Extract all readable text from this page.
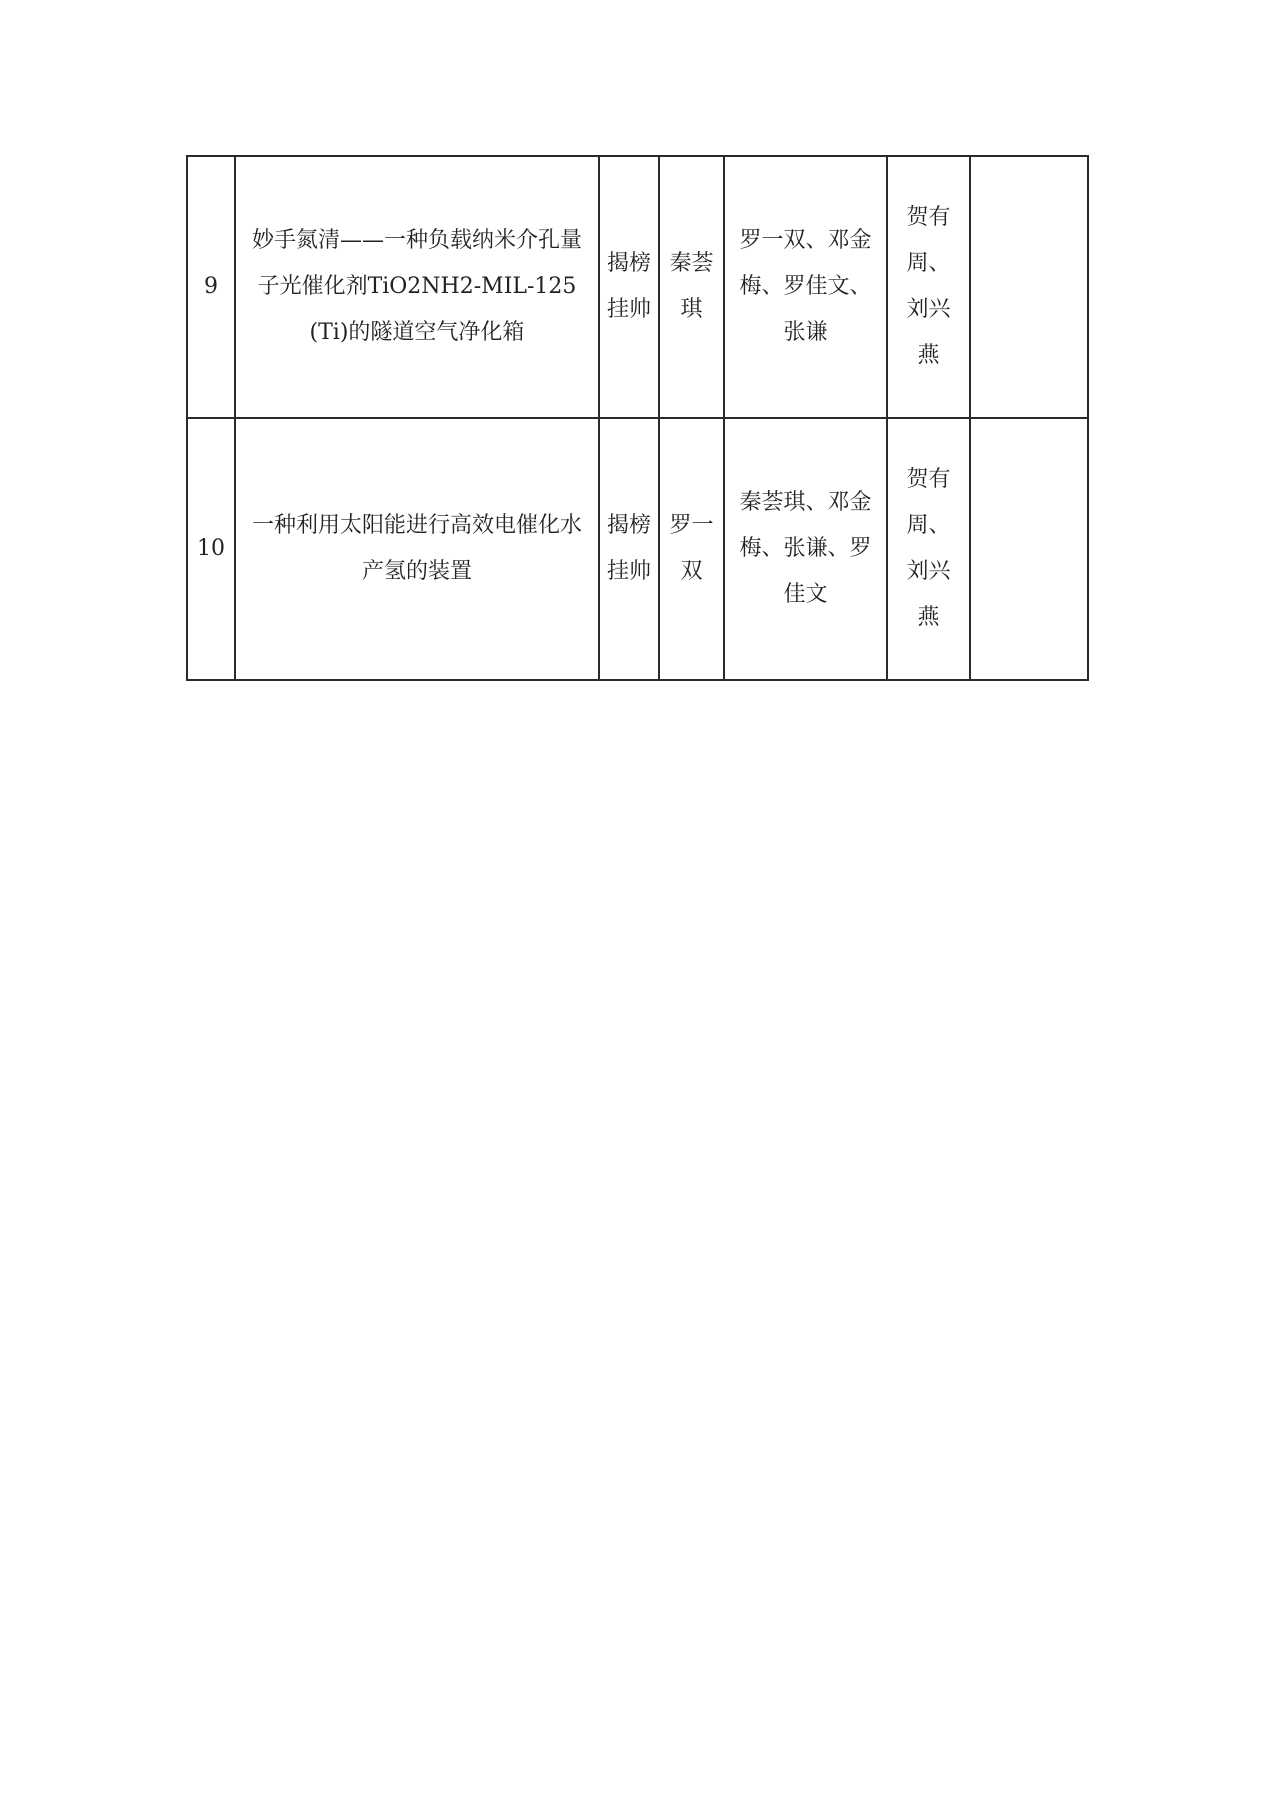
9	妙手氮清——一种负载纳米介孔量子光催化剂TiO2NH2-MIL-125(Ti)的隧道空气净化箱	揭榜挂帅	秦荟琪	罗一双、邓金梅、罗佳文、张谦	贺有周、刘兴燕	
10	一种利用太阳能进行高效电催化水产氢的装置	揭榜挂帅	罗一双	秦荟琪、邓金梅、张谦、罗佳文	贺有周、刘兴燕	
